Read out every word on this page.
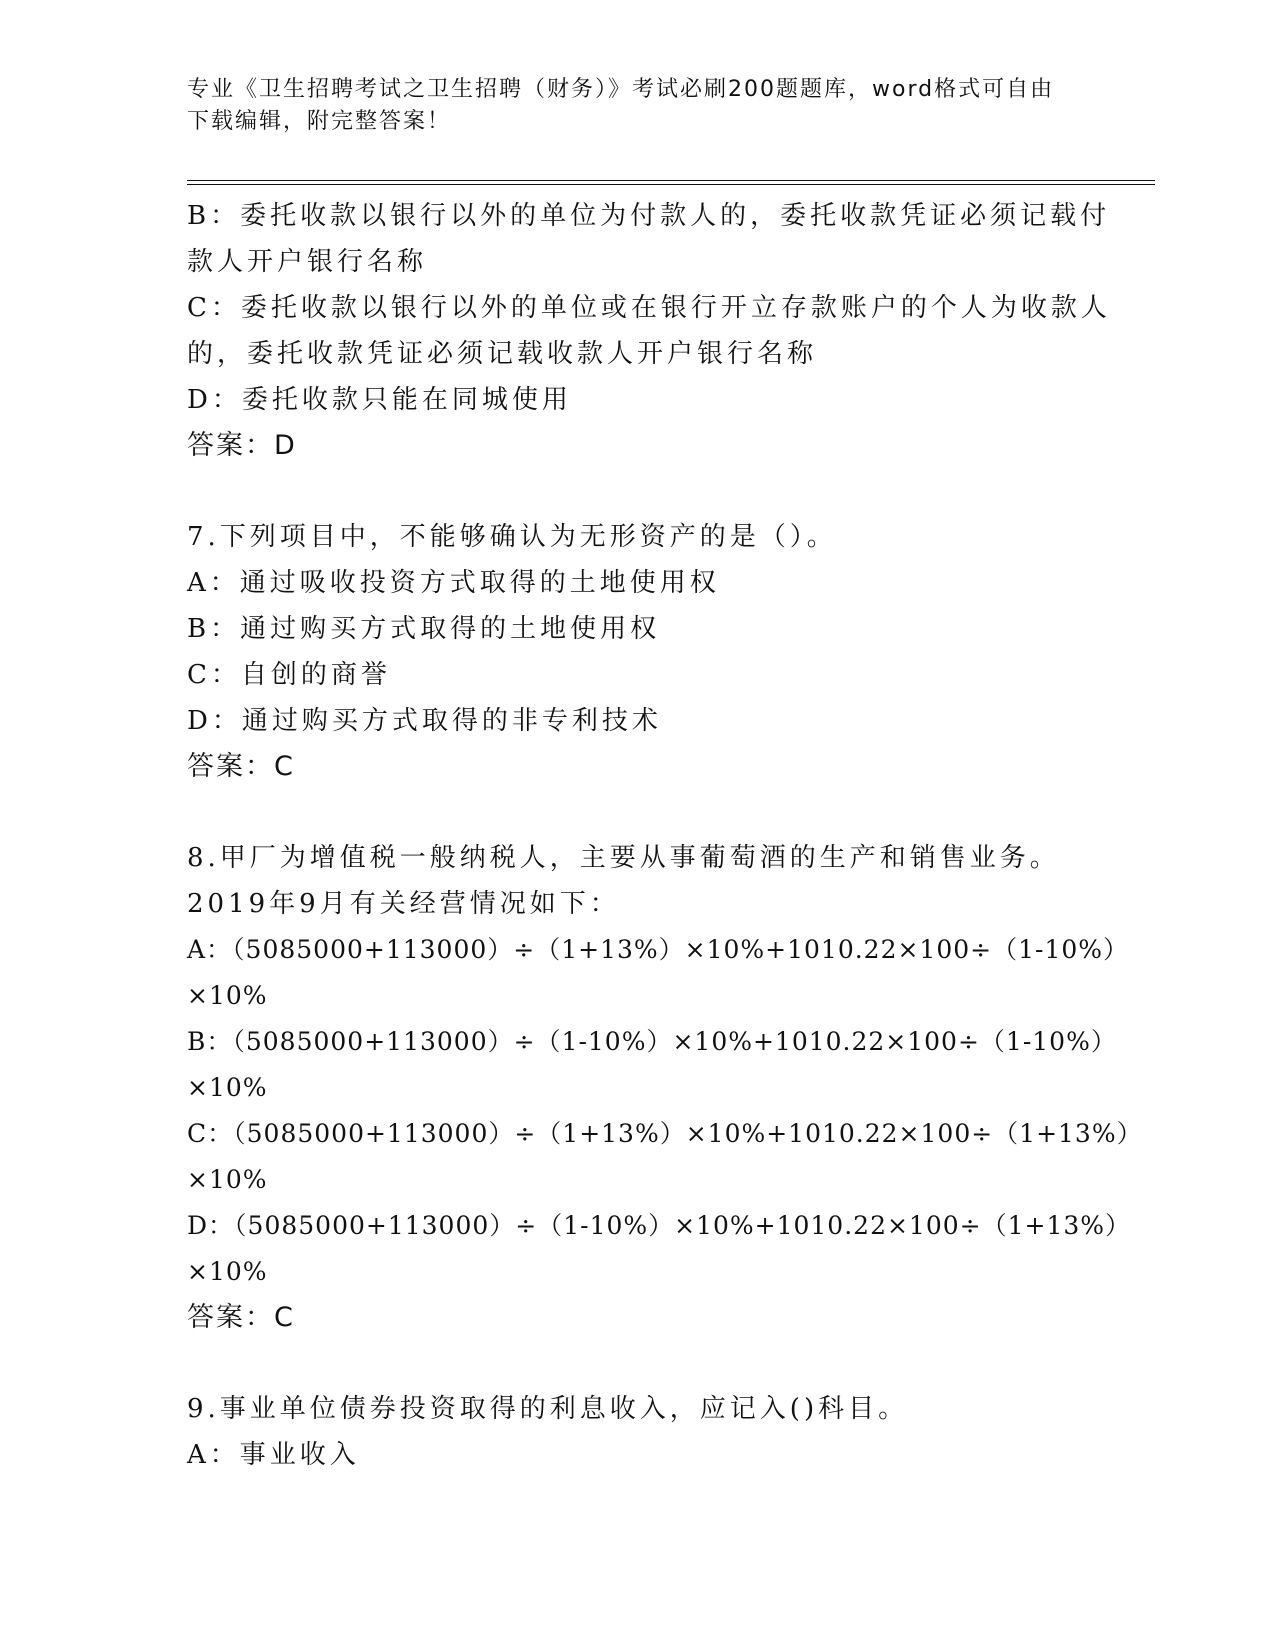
专业《卫生招聘考试之卫生招聘（财务）》考试必刷200题题库，word格式可自由下载编辑，附完整答案！
B：委托收款以银行以外的单位为付款人的，委托收款凭证必须记载付
款人开户银行名称
C：委托收款以银行以外的单位或在银行开立存款账户的个人为收款人
的，委托收款凭证必须记载收款人开户银行名称
D：委托收款只能在同城使用
答案：D
7.下列项目中，不能够确认为无形资产的是（）。
A：通过吸收投资方式取得的土地使用权
B：通过购买方式取得的土地使用权
C：自创的商誉
D：通过购买方式取得的非专利技术
答案：C
8.甲厂为增值税一般纳税人，主要从事葡萄酒的生产和销售业务。
2019年9月有关经营情况如下：
A：（5085000+113000）÷（1+13%）×10%+1010.22×100÷（1-10%）
×10%
B：（5085000+113000）÷（1-10%）×10%+1010.22×100÷（1-10%）
×10%
C：（5085000+113000）÷（1+13%）×10%+1010.22×100÷（1+13%）
×10%
D：（5085000+113000）÷（1-10%）×10%+1010.22×100÷（1+13%）
×10%
答案：C
9.事业单位债券投资取得的利息收入，应记入()科目。
A：事业收入
